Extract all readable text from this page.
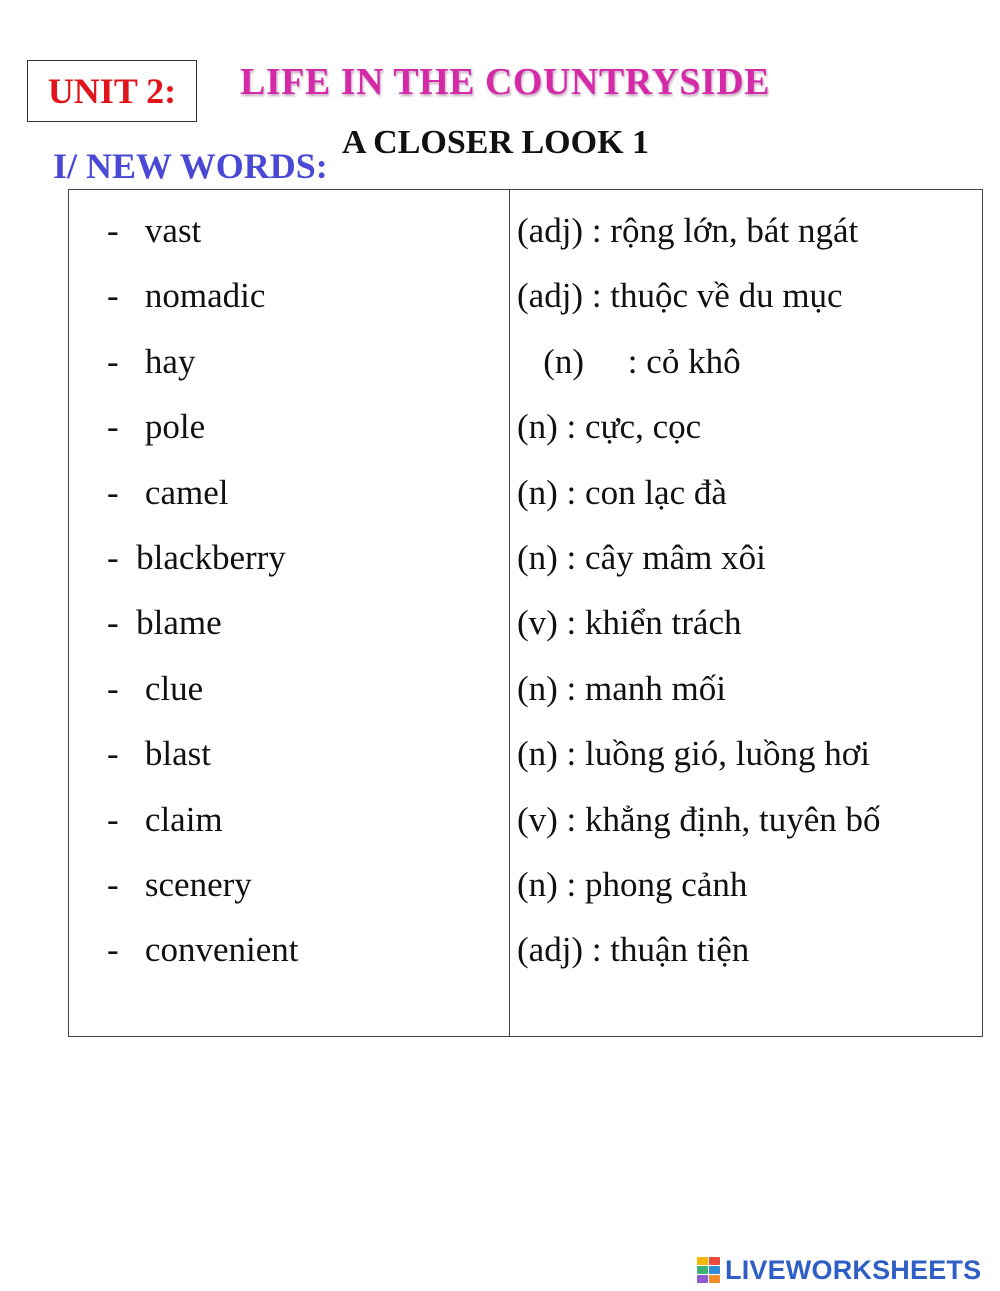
UNIT 2: LIFE IN THE COUNTRYSIDE
A CLOSER LOOK 1
I/ NEW WORDS:
-   vast	(adj) : rộng lớn, bát ngát
-   nomadic	(adj) : thuộc về du mục
-   hay	(n)     : cỏ khô
-   pole	(n) : cực, cọc
-   camel	(n) : con lạc đà
-  blackberry	(n) : cây mâm xôi
-  blame	(v) : khiển trách
-   clue	(n) : manh mối
-   blast	(n) : luồng gió, luồng hơi
-   claim	(v) : khẳng định, tuyên bố
-   scenery	(n) : phong cảnh
-   convenient	(adj) : thuận tiện
LIVEWORKSHEETS
